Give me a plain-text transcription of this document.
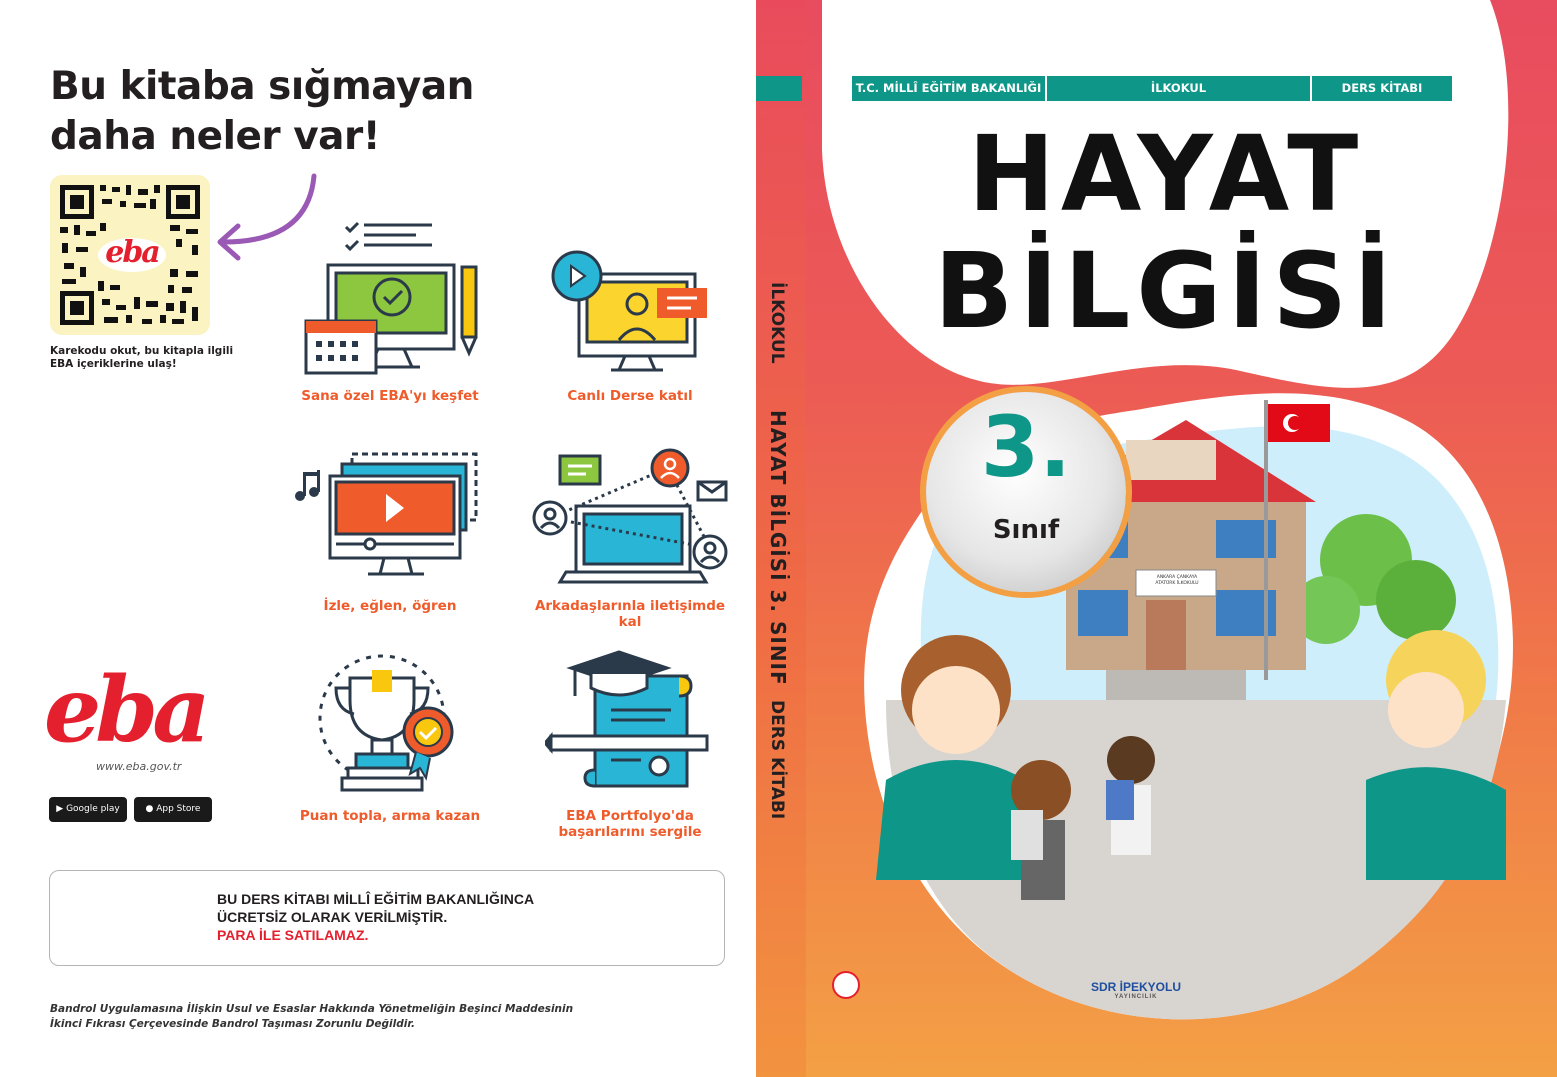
Bu kitaba sığmayan
daha neler var!
eba
Karekodu okut, bu kitapla ilgili EBA içeriklerine ulaş!
Sana özel EBA'yı keşfet	Canlı Derse katıl
İzle, eğlen, öğren	Arkadaşlarınla iletişimde kal
Puan topla, arma kazan	EBA Portfolyo'da başarılarını sergile
eba
www.eba.gov.tr
▶ Google play	● App Store
BU DERS KİTABI MİLLÎ EĞİTİM BAKANLIĞINCA
ÜCRETSİZ OLARAK VERİLMİŞTİR.
PARA İLE SATILAMAZ.
Bandrol Uygulamasına İlişkin Usul ve Esaslar Hakkında Yönetmeliğin Beşinci Maddesinin
İkinci Fıkrası Çerçevesinde Bandrol Taşıması Zorunlu Değildir.
İLKOKUL
HAYAT BİLGİSİ 3. SINIF
DERS KİTABI
T.C. MİLLÎ EĞİTİM BAKANLIĞI	İLKOKUL	DERS KİTABI
HAYAT
BİLGİSİ
3.
Sınıf
ANKARA ÇANKAYA
ATATÜRK İLKOKULU
SDR İPEKYOLU
YAYINCILIK
